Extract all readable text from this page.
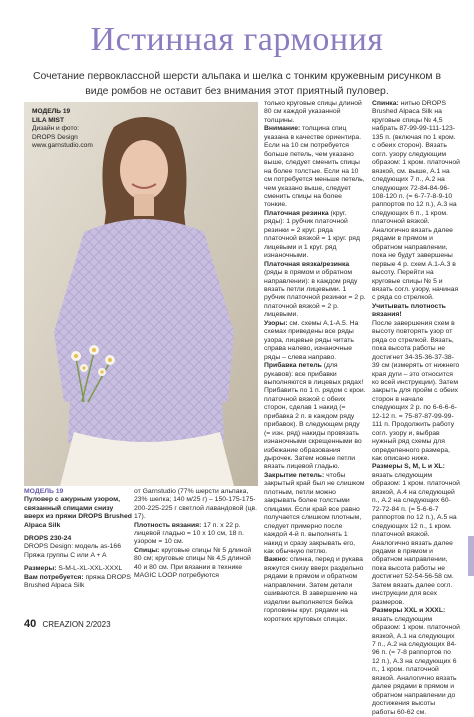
Истинная гармония
Сочетание первоклассной шерсти альпака и шелка с тонким кружевным рисунком в виде ромбов не оставит без внимания этот приятный пуловер.
МОДЕЛЬ 19
LILA MIST
Дизайн и фото:
DROPS Design
www.garnstudio.com
МОДЕЛЬ 19
Пуловер с ажурным узором, связанный спицами снизу вверх из пряжи DROPS Brushed Alpaca Silk
DROPS 230-24
DROPS Design: модель as-166 Пряжа группы C или A + A
Размеры: S-M-L-XL-XXL-XXXL
Вам потребуется: пряжа DROPS Brushed Alpaca Silk
от Garnstudio (77% шерсти альпака, 23% шелка; 140 м/25 г) – 150-175-175-200-225-225 г светлой лавандовой (цв. 17).
Плотность вязания: 17 п. x 22 р. лицевой гладью = 10 x 10 см, 18 п. узором = 10 см.
Спицы: круговые спицы № 5 длиной 80 см; круговые спицы № 4,5 длиной 40 и 80 см. При вязании в технике MAGIC LOOP потребуются
только круговые спицы длиной 80 см каждой указанной толщины.
Внимание: толщина спиц указана в качестве ориентира. Если на 10 см потребуется больше петель, чем указано выше, следует сменить спицы на более толстые. Если на 10 см потребуется меньше петель, чем указано выше, следует сменить спицы на более тонкие.
Платочная резинка (круг. ряды): 1 рубчик платочной резинки = 2 круг. ряда платочной вязкой = 1 круг. ряд лицевыми и 1 круг. ряд изнаночными.
Платочная вязка/резинка (ряды в прямом и обратном направлении): в каждом ряду вязать петли лицевыми. 1 рубчик платочной резинки = 2 р. платочной вязкой = 2 р. лицевыми.
Узоры: см. схемы А.1-А.5. На схемах приведены все ряды узора, лицевые ряды читать справа налево, изнаночные ряды – слева направо.
Прибавка петель (для рукавов): все прибавки выполняются в лицевых рядах! Прибавить по 1 п. рядом с крои. платочной вязкой с обеих сторон, сделав 1 накид (= прибавка 2 п. в каждом ряду прибавок). В следующем ряду (= изн. ряд) накиды провязать изнаночными скрещенными во избежание образования дырочек. Затем новые петли вязать лицевой гладью.
Закрытие петель: чтобы закрытый край был не слишком плотным, петли можно закрывать более толстыми спицами. Если край все равно получается слишком плотным, следует примерно после каждой 4-й п. выполнять 1 накид и сразу закрывать его, как обычную петлю.
Важно: спинка, перед и рукава вяжутся снизу вверх раздельно рядами в прямом и обратном направлении. Затем детали сшиваются. В завершение на изделии выполняется бейка горловины круг. рядами на коротких круговых спицах.
Спинка: нитью DROPS Brushed Alpaca Silk на круговые спицы № 4,5 набрать 87-99-99-111-123-135 п. (включая по 1 кром. с обеих сторон). Вязать согл. узору следующим образом: 1 кром. платочной вязкой, см. выше, А.1 на следующих 7 п., А.2 на следующих 72-84-84-96-108-120 п. (= 6-7-7-8-9-10 раппортов по 12 п.), А.3 на следующих 6 п., 1 кром. платочной вязкой. Аналогично вязать далее рядами в прямом и обратном направлении, пока не будут завершены первые 4 р. схем А.1-А.3 в высоту. Перейти на круговые спицы № 5 и вязать согл. узору, начиная с ряда со стрелкой. Учитывать плотность вязания!
После завершения схем в высоту повторять узор от ряда со стрелкой. Вязать, пока высота работы не достигнет 34-35-36-37-38-39 см (измерять от нижнего края дуги – это относится ко всей инструкции). Затем закрыть для пройм с обеих сторон в начале следующих 2 р. по 6-6-6-6-12-12 п. = 75-87-87-99-99-111 п. Продолжить работу согл. узору и, выбрав нужный ряд схемы для определенного размера, как описано ниже.
Размеры S, M, L и XL: вязать следующим образом: 1 кром. платочной вязкой, А.4 на следующей п., А.2 на следующих 60-72-72-84 п. (= 5-6-6-7 раппортов по 12 п.), А.5 на следующих 12 п., 1 кром. платочной вязкой. Аналогично вязать далее рядами в прямом и обратном направлении, пока высота работы не достигнет 52-54-56-58 см. Затем вязать далее согл. инструкции для всех размеров.
Размеры XXL и XXXL: вязать следующим образом: 1 кром. платочной вязкой, А.1 на следующих 7 п., А.2 на следующих 84-96 п. (= 7-8 раппортов по 12 п.), А.3 на следующих 6 п., 1 кром. платочной вязкой. Аналогично вязать далее рядами в прямом и обратном направлении до достижения высоты работы 60-62 см.
40 CREAZION 2/2023
